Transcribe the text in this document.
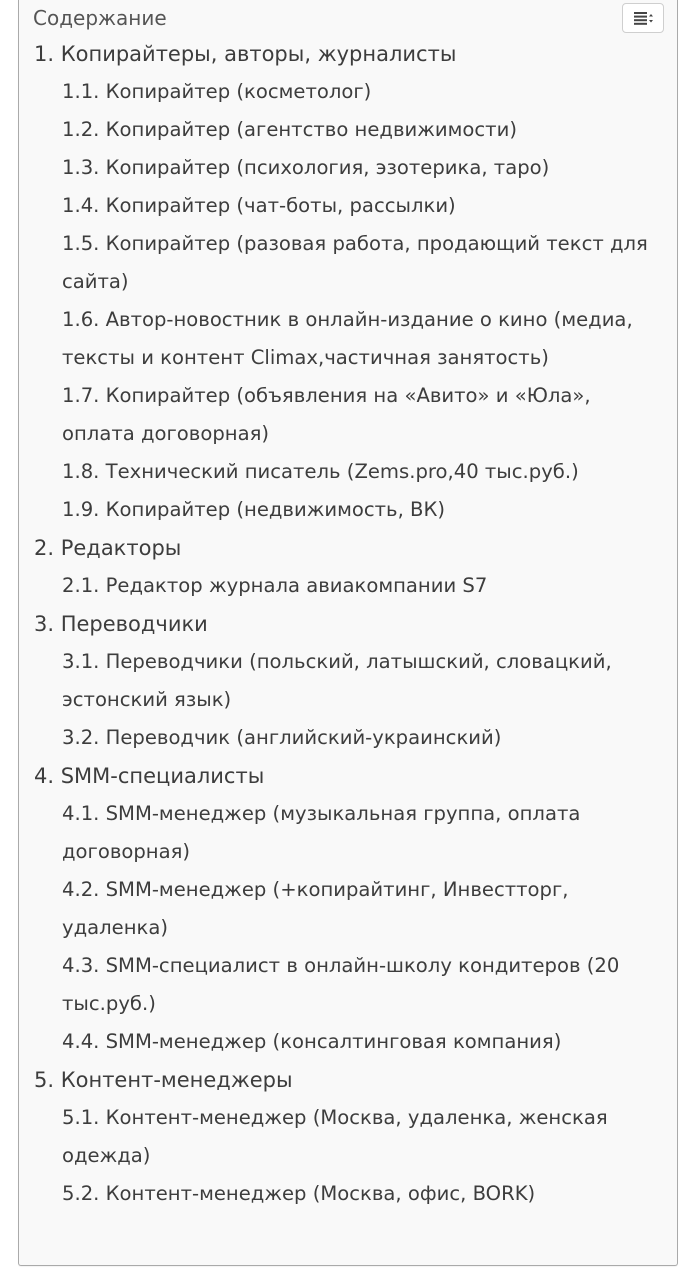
Содержание
1. Копирайтеры, авторы, журналисты
1.1. Копирайтер (косметолог)
1.2. Копирайтер (агентство недвижимости)
1.3. Копирайтер (психология, эзотерика, таро)
1.4. Копирайтер (чат-боты, рассылки)
1.5. Копирайтер (разовая работа, продающий текст для сайта)
1.6. Автор-новостник в онлайн-издание о кино (медиа, тексты и контент Climax,частичная занятость)
1.7. Копирайтер (объявления на «Авито» и «Юла», оплата договорная)
1.8. Технический писатель (Zems.pro,40 тыс.руб.)
1.9. Копирайтер (недвижимость, ВК)
2. Редакторы
2.1. Редактор журнала авиакомпании S7
3. Переводчики
3.1. Переводчики (польский, латышский, словацкий, эстонский язык)
3.2. Переводчик (английский-украинский)
4. SMM-специалисты
4.1. SMM-менеджер (музыкальная группа, оплата договорная)
4.2. SMM-менеджер (+копирайтинг, Инвестторг, удаленка)
4.3. SMM-специалист в онлайн-школу кондитеров (20 тыс.руб.)
4.4. SMM-менеджер (консалтинговая компания)
5. Контент-менеджеры
5.1. Контент-менеджер (Москва, удаленка, женская одежда)
5.2. Контент-менеджер (Москва, офис, BORK)
